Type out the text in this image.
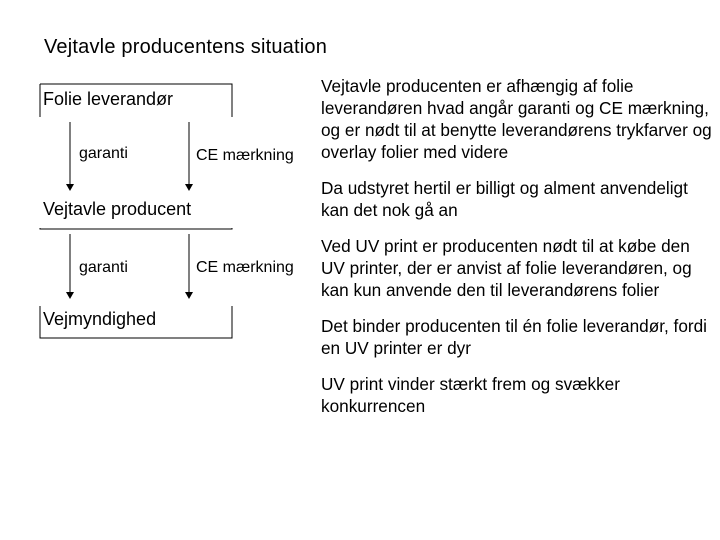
Vejtavle producentens situation
Folie leverandør
Vejtavle producent
Vejmyndighed
garanti	CE mærkning
garanti	CE mærkning

Vejtavle producenten er afhængig af folie leverandøren hvad angår garanti og CE mærkning, og er nødt til at benytte leverandørens trykfarver og overlay folier med videre

Da udstyret hertil er billigt og alment anvendeligt kan det nok gå an

Ved UV print er producenten nødt til at købe den UV printer, der er anvist af folie leverandøren, og kan kun anvende den til leverandørens folier

Det binder producenten til én folie leverandør, fordi en UV printer er dyr

UV print vinder stærkt frem og svækker konkurrencen
